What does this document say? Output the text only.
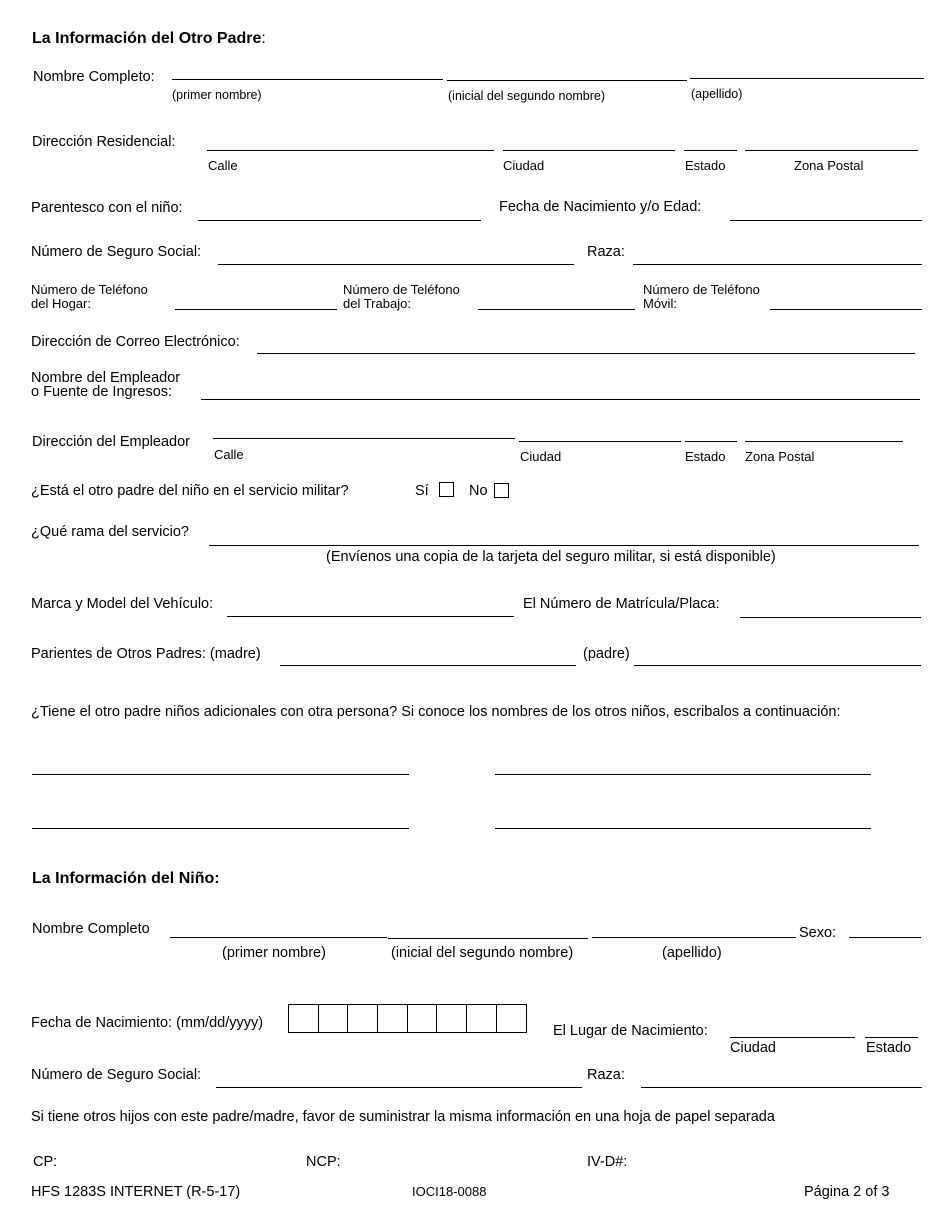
La Información del Otro Padre:
Nombre Completo:
(primer nombre)	(inicial del segundo nombre)	(apellido)
Dirección Residencial:
Calle	Ciudad	Estado	Zona Postal
Parentesco con el niño:	Fecha de Nacimiento y/o Edad:
Número de Seguro Social:	Raza:
Número de Teléfono
del Hogar:
Número de Teléfono
del Trabajo:
Número de Teléfono
Móvil:
Dirección de Correo Electrónico:
Nombre del Empleador
o Fuente de Ingresos:
Dirección del Empleador
Calle	Ciudad	Estado Zona Postal
¿Está el otro padre del niño en el servicio militar?	Sí	No
¿Qué rama del servicio?
(Envíenos una copia de la tarjeta del seguro militar, si está disponible)
Marca y Model del Vehículo:	El Número de Matrícula/Placa:
Parientes de Otros Padres: (madre)	(padre)
¿Tiene el otro padre niños adicionales con otra persona? Si conoce los nombres de los otros niños, escribalos a continuación:
La Información del Niño:
Nombre Completo	Sexo:
(primer nombre)	(inicial del segundo nombre)	(apellido)
Fecha de Nacimiento: (mm/dd/yyyy)	El Lugar de Nacimiento:
Ciudad	Estado
Número de Seguro Social:	Raza:
Si tiene otros hijos con este padre/madre, favor de suministrar la misma información en una hoja de papel separada
CP:	NCP:	IV-D#:
HFS 1283S INTERNET (R-5-17)	IOCI18-0088	Página 2 of 3
